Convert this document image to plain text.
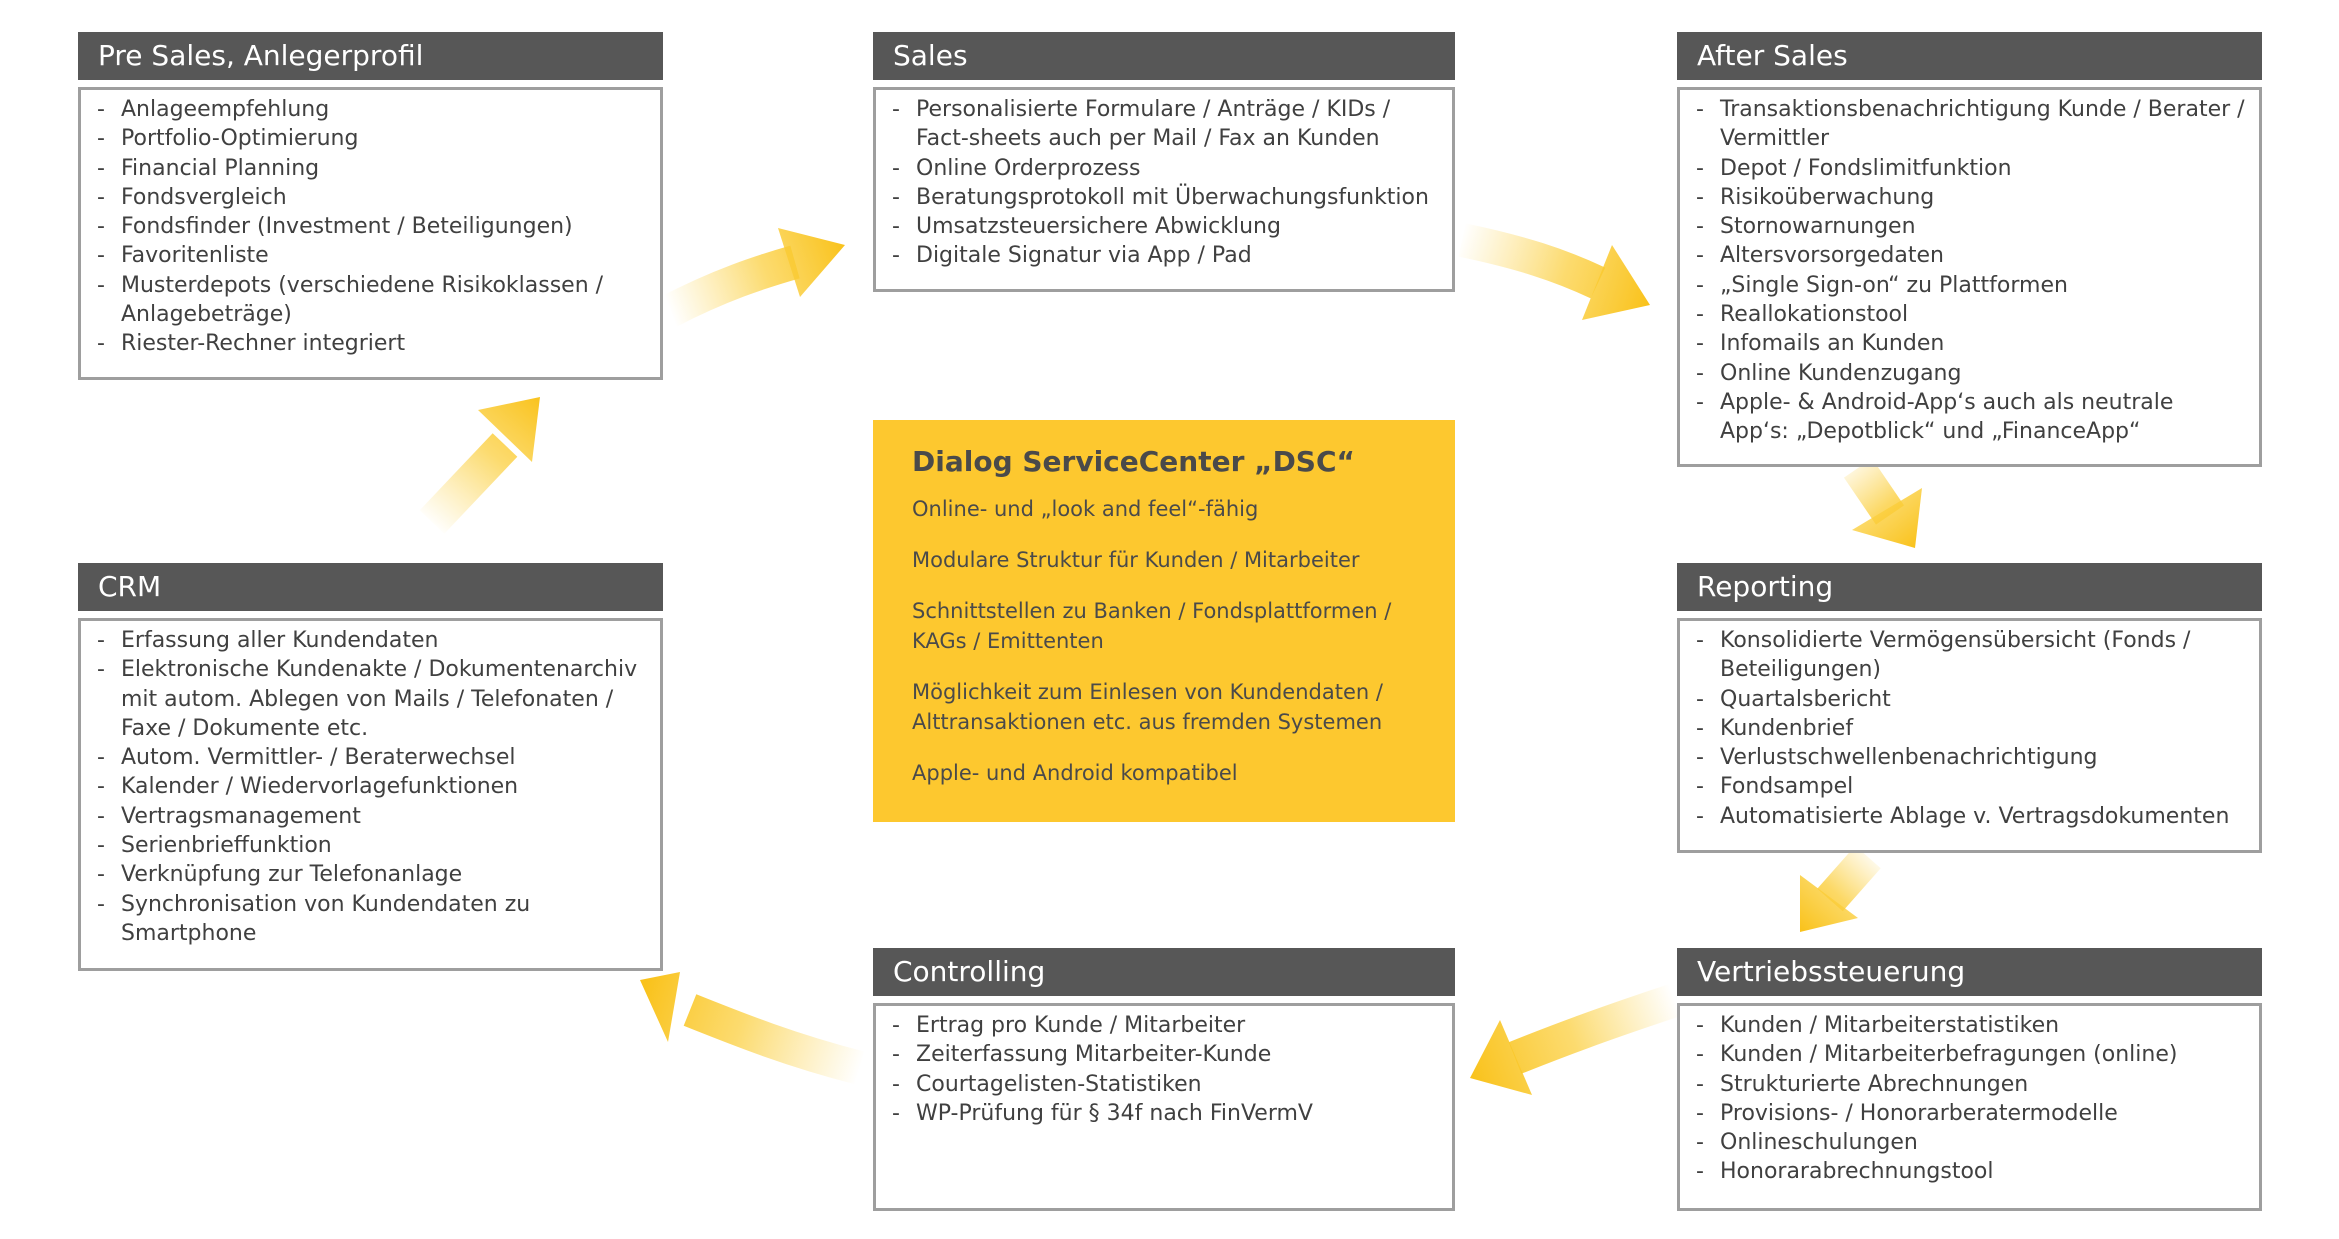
Pre Sales, Anlegerprofil
- Anlageempfehlung
- Portfolio-Optimierung
- Financial Planning
- Fondsvergleich
- Fondsfinder (Investment / Beteiligungen)
- Favoritenliste
- Musterdepots (verschiedene Risikoklassen / Anlagebeträge)
- Riester-Rechner integriert
Sales
- Personalisierte Formulare / Anträge / KIDs / Fact-sheets auch per Mail / Fax an Kunden
- Online Orderprozess
- Beratungsprotokoll mit Überwachungsfunktion
- Umsatzsteuersichere Abwicklung
- Digitale Signatur via App / Pad
After Sales
- Transaktionsbenachrichtigung Kunde / Berater / Vermittler
- Depot / Fondslimitfunktion
- Risikoüberwachung
- Stornowarnungen
- Altersvorsorgedaten
- „Single Sign-on“ zu Plattformen
- Reallokationstool
- Infomails an Kunden
- Online Kundenzugang
- Apple- & Android-App‘s auch als neutrale App‘s: „Depotblick“ und „FinanceApp“
CRM
- Erfassung aller Kundendaten
- Elektronische Kundenakte / Dokumentenarchiv mit autom. Ablegen von Mails / Telefonaten / Faxe / Dokumente etc.
- Autom. Vermittler- / Beraterwechsel
- Kalender / Wiedervorlagefunktionen
- Vertragsmanagement
- Serienbrieffunktion
- Verknüpfung zur Telefonanlage
- Synchronisation von Kundendaten zu Smartphone
Reporting
- Konsolidierte Vermögensübersicht (Fonds / Beteiligungen)
- Quartalsbericht
- Kundenbrief
- Verlustschwellenbenachrichtigung
- Fondsampel
- Automatisierte Ablage v. Vertragsdokumenten
Controlling
- Ertrag pro Kunde / Mitarbeiter
- Zeiterfassung Mitarbeiter-Kunde
- Courtagelisten-Statistiken
- WP-Prüfung für § 34f nach FinVermV
Vertriebssteuerung
- Kunden / Mitarbeiterstatistiken
- Kunden / Mitarbeiterbefragungen (online)
- Strukturierte Abrechnungen
- Provisions- / Honorarberatermodelle
- Onlineschulungen
- Honorarabrechnungstool
Dialog ServiceCenter „DSC“
Online- und „look and feel“-fähig
Modulare Struktur für Kunden / Mitarbeiter
Schnittstellen zu Banken / Fondsplattformen / KAGs / Emittenten
Möglichkeit zum Einlesen von Kundendaten / Alttransaktionen etc. aus fremden Systemen
Apple- und Android kompatibel
